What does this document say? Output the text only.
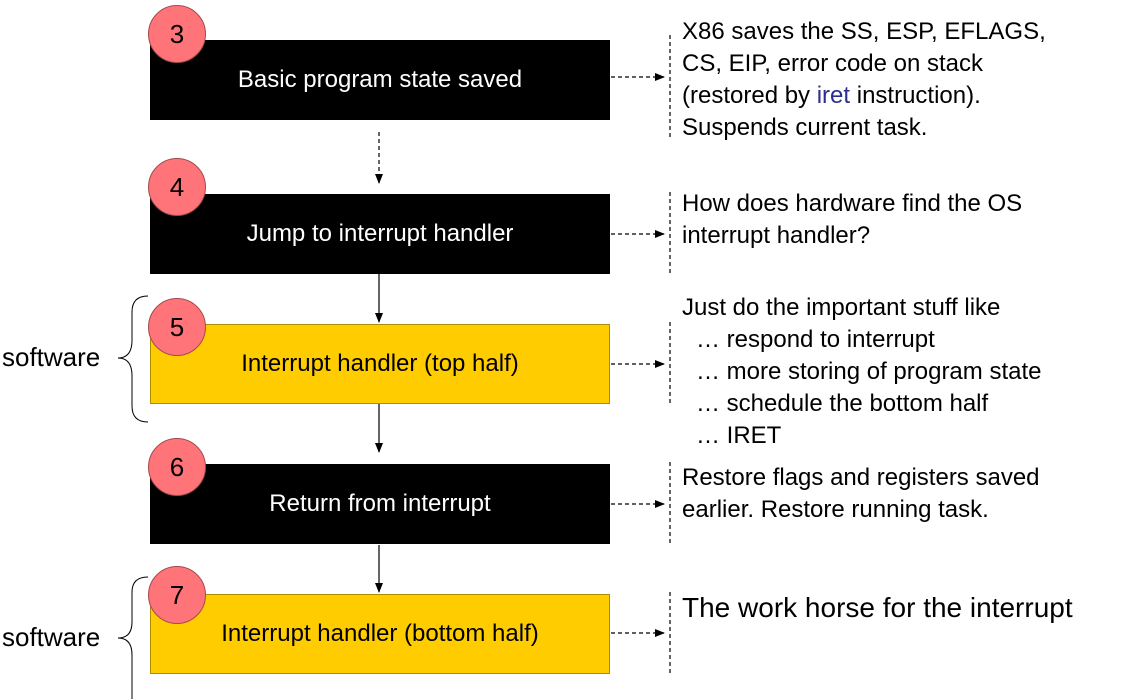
Basic program state saved
Jump to interrupt handler
Interrupt handler (top half)
Return from interrupt
Interrupt handler (bottom half)
3
4
5
6
7
X86 saves the SS, ESP, EFLAGS,
CS, EIP, error code on stack
(restored by iret instruction).
Suspends current task.
How does hardware find the OS
interrupt handler?
Just do the important stuff like
… respond to interrupt
… more storing of program state
… schedule the bottom half
… IRET
Restore flags and registers saved
earlier. Restore running task.
The work horse for the interrupt
software
software
